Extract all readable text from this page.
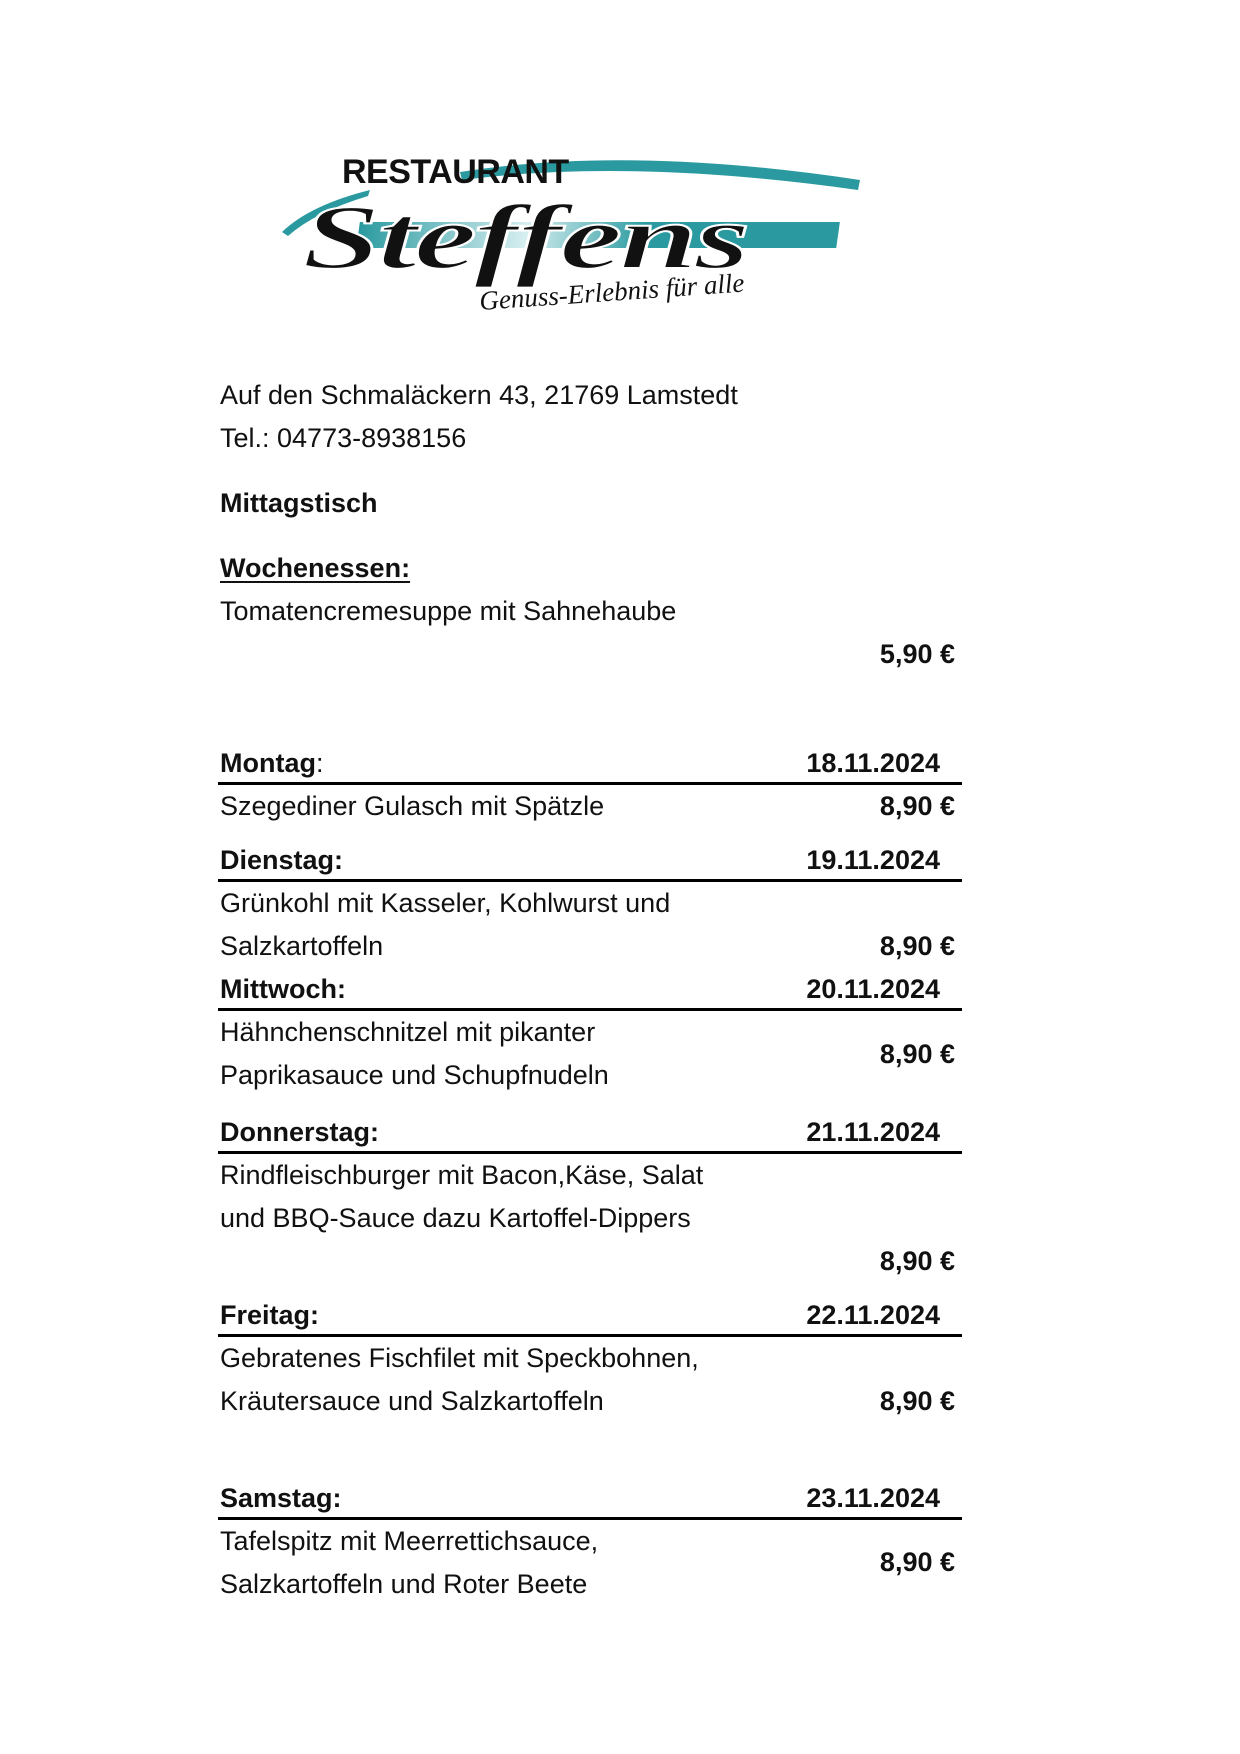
RESTAURANT
Steffens
Genuss-Erlebnis für alle
Auf den Schmaläckern 43, 21769 Lamstedt
Tel.: 04773-8938156
Mittagstisch
Wochenessen:
Tomatencremesuppe mit Sahnehaube
5,90 €
Montag:	18.11.2024
Szegediner Gulasch mit Spätzle	8,90 €
Dienstag:	19.11.2024
Grünkohl mit Kasseler, Kohlwurst und
Salzkartoffeln	8,90 €
Mittwoch:	20.11.2024
Hähnchenschnitzel mit pikanter
Paprikasauce und Schupfnudeln
8,90 €
Donnerstag:	21.11.2024
Rindfleischburger mit Bacon,Käse, Salat
und BBQ-Sauce dazu Kartoffel-Dippers
8,90 €
Freitag:	22.11.2024
Gebratenes Fischfilet mit Speckbohnen,
Kräutersauce und Salzkartoffeln	8,90 €
Samstag:	23.11.2024
Tafelspitz mit Meerrettichsauce,
Salzkartoffeln und Roter Beete
8,90 €
